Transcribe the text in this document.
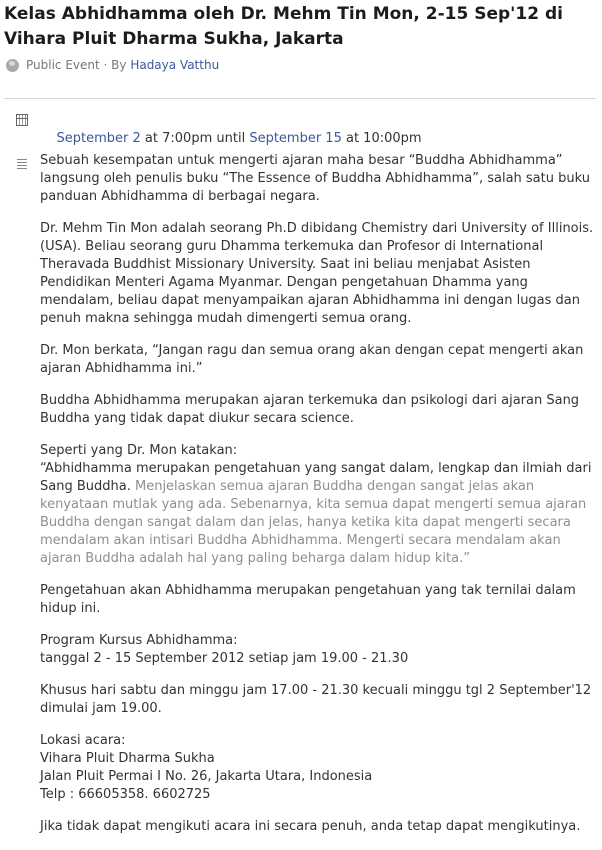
Kelas Abhidhamma oleh Dr. Mehm Tin Mon, 2-15 Sep'12 di Vihara Pluit Dharma Sukha, Jakarta
Public Event · By Hadaya Vatthu

September 2 at 7:00pm until September 15 at 10:00pm

Sebuah kesempatan untuk mengerti ajaran maha besar “Buddha Abhidhamma” langsung oleh penulis buku “The Essence of Buddha Abhidhamma”, salah satu buku panduan Abhidhamma di berbagai negara.

Dr. Mehm Tin Mon adalah seorang Ph.D dibidang Chemistry dari University of Illinois. (USA). Beliau seorang guru Dhamma terkemuka dan Profesor di International Theravada Buddhist Missionary University. Saat ini beliau menjabat Asisten Pendidikan Menteri Agama Myanmar. Dengan pengetahuan Dhamma yang mendalam, beliau dapat menyampaikan ajaran Abhidhamma ini dengan lugas dan penuh makna sehingga mudah dimengerti semua orang.

Dr. Mon berkata, “Jangan ragu dan semua orang akan dengan cepat mengerti akan ajaran Abhidhamma ini.”

Buddha Abhidhamma merupakan ajaran terkemuka dan psikologi dari ajaran Sang Buddha yang tidak dapat diukur secara science.

Seperti yang Dr. Mon katakan:
“Abhidhamma merupakan pengetahuan yang sangat dalam, lengkap dan ilmiah dari Sang Buddha. Menjelaskan semua ajaran Buddha dengan sangat jelas akan kenyataan mutlak yang ada. Sebenarnya, kita semua dapat mengerti semua ajaran Buddha dengan sangat dalam dan jelas, hanya ketika kita dapat mengerti secara mendalam akan intisari Buddha Abhidhamma. Mengerti secara mendalam akan ajaran Buddha adalah hal yang paling beharga dalam hidup kita.”

Pengetahuan akan Abhidhamma merupakan pengetahuan yang tak ternilai dalam hidup ini.

Program Kursus Abhidhamma:
tanggal 2 - 15 September 2012 setiap jam 19.00 - 21.30

Khusus hari sabtu dan minggu jam 17.00 - 21.30 kecuali minggu tgl 2 September'12 dimulai jam 19.00.

Lokasi acara:
Vihara Pluit Dharma Sukha
Jalan Pluit Permai I No. 26, Jakarta Utara, Indonesia
Telp : 66605358. 6602725

Jika tidak dapat mengikuti acara ini secara penuh, anda tetap dapat mengikutinya.
